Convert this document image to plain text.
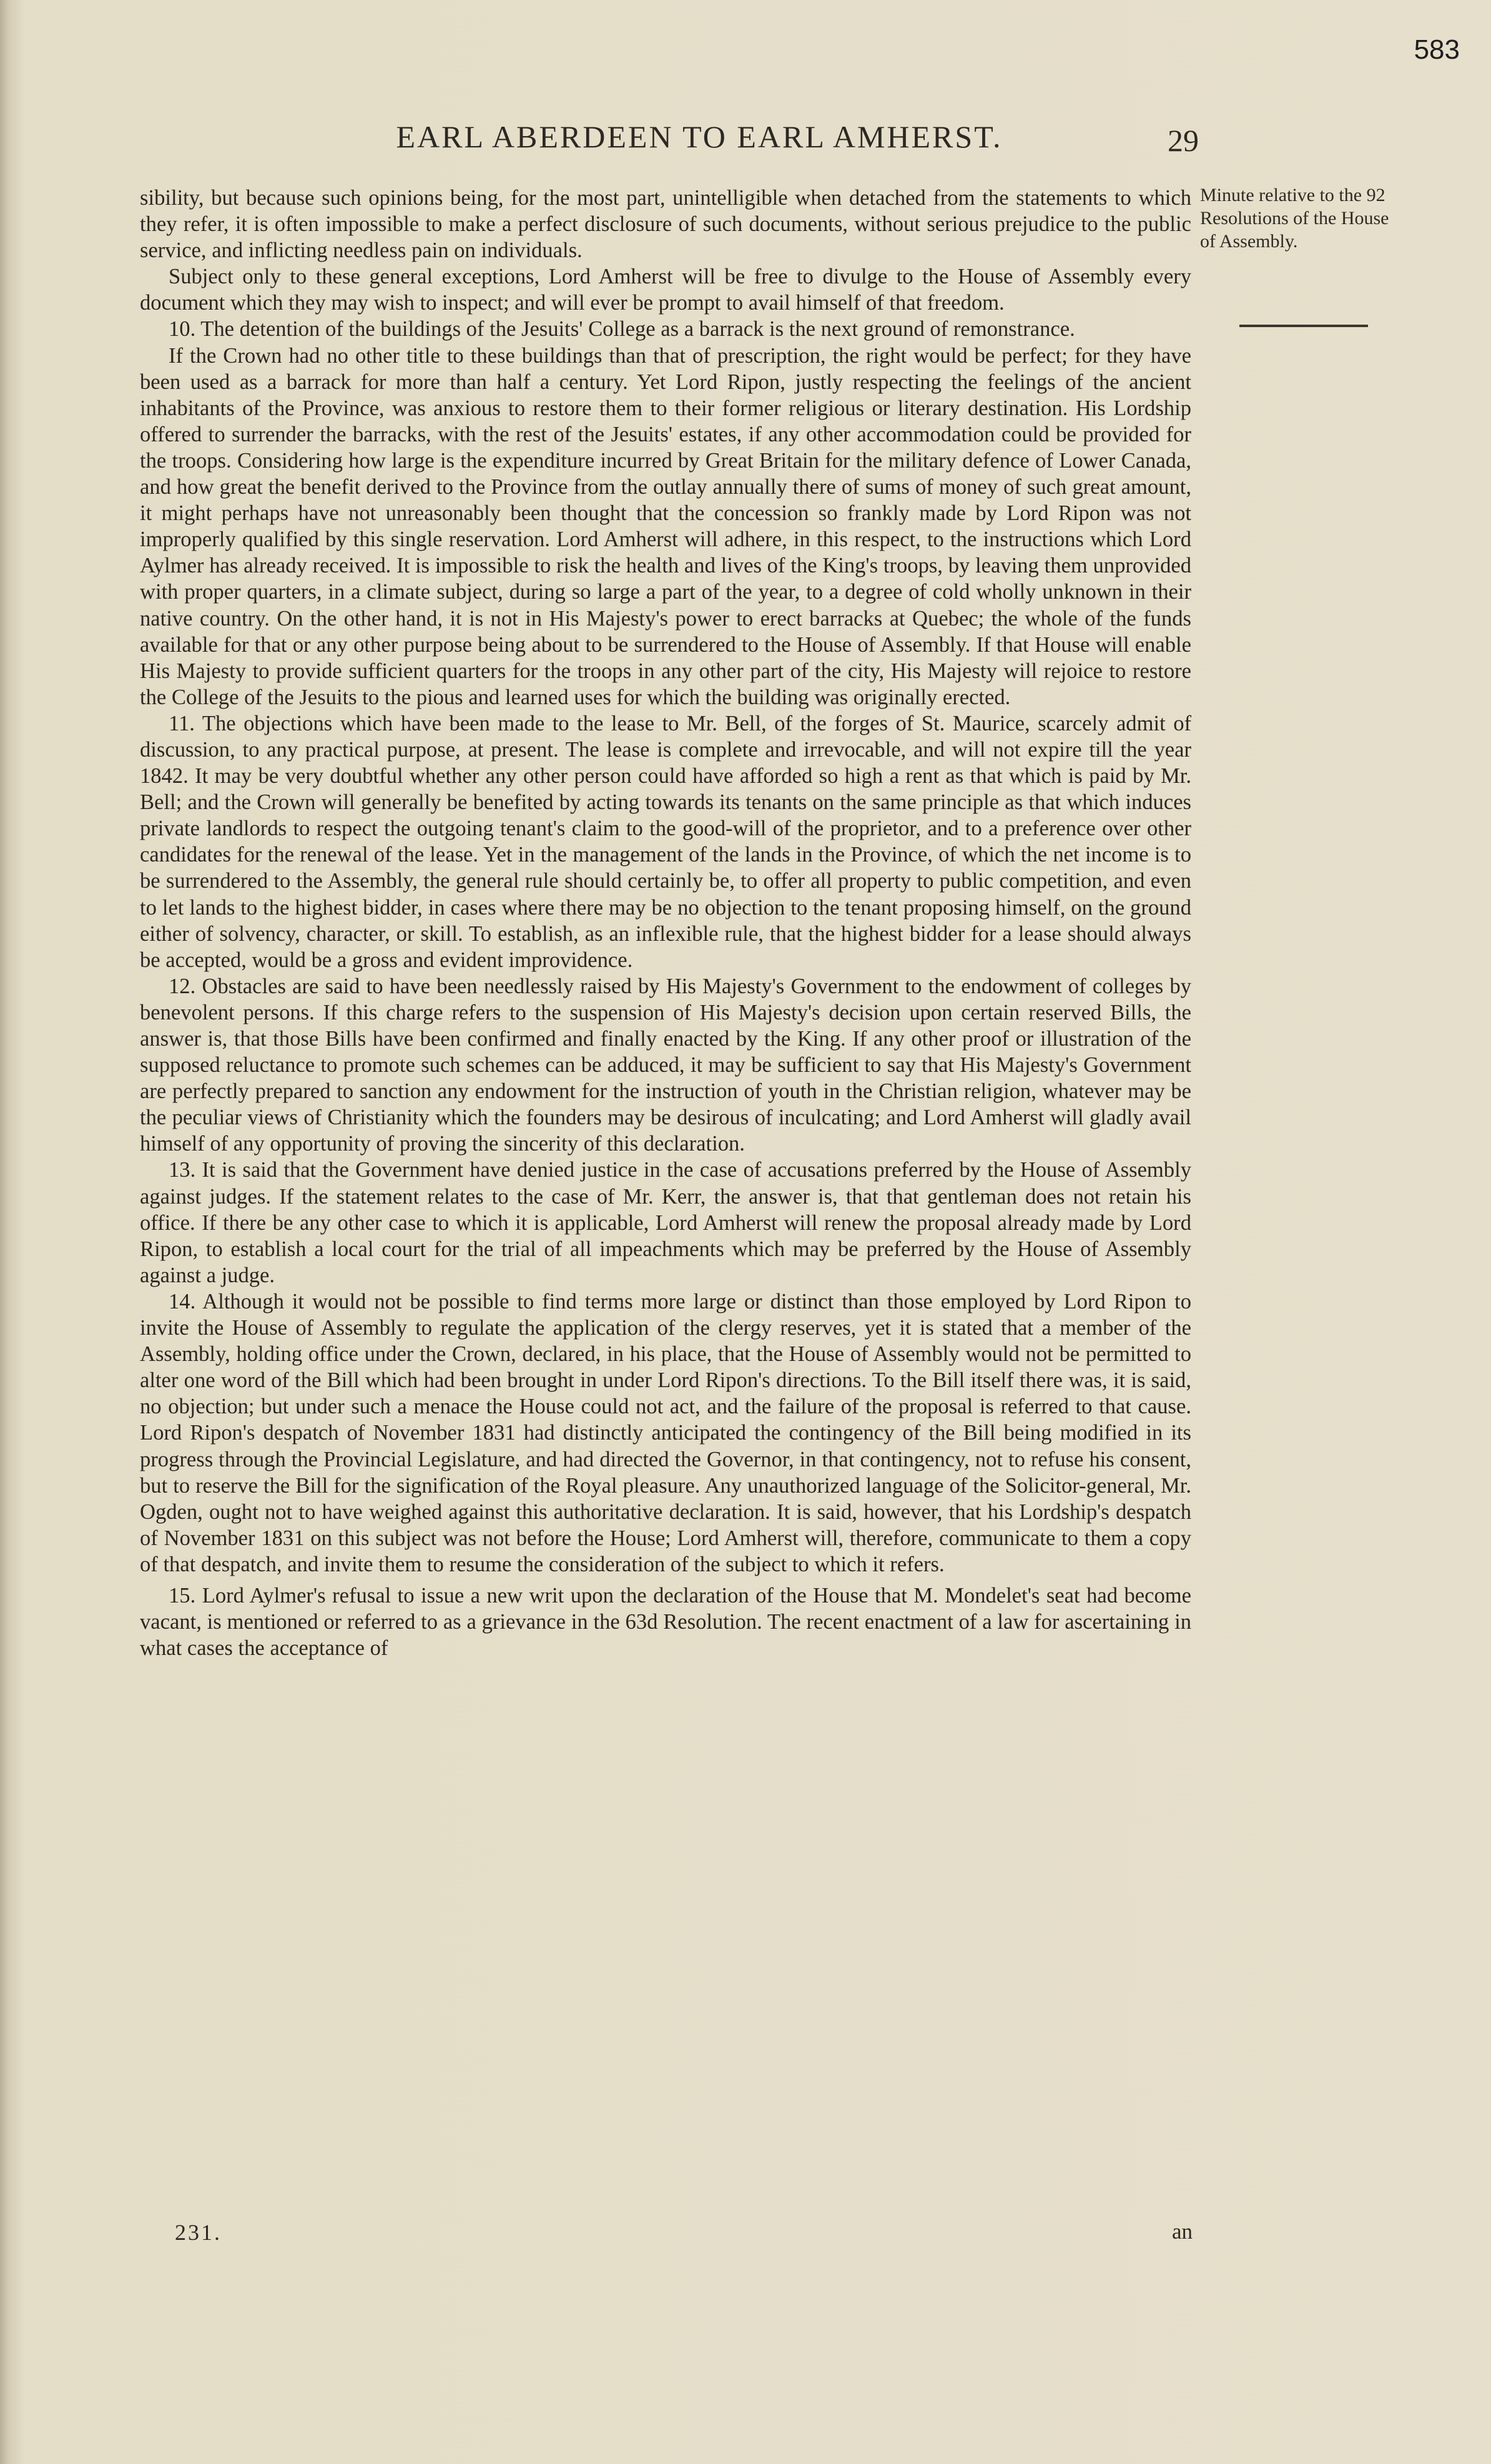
583
EARL ABERDEEN TO EARL AMHERST.	29
Minute relative to the 92 Resolutions of the House of Assembly.

sibility, but because such opinions being, for the most part, unintelligible when detached from the statements to which they refer, it is often impossible to make a perfect disclosure of such documents, without serious prejudice to the public service, and inflicting needless pain on individuals.

Subject only to these general exceptions, Lord Amherst will be free to divulge to the House of Assembly every document which they may wish to inspect; and will ever be prompt to avail himself of that freedom.

10. The detention of the buildings of the Jesuits' College as a barrack is the next ground of remonstrance.

If the Crown had no other title to these buildings than that of prescription, the right would be perfect; for they have been used as a barrack for more than half a century. Yet Lord Ripon, justly respecting the feelings of the ancient inhabitants of the Province, was anxious to restore them to their former religious or literary destination. His Lordship offered to surrender the barracks, with the rest of the Jesuits' estates, if any other accommodation could be provided for the troops. Considering how large is the expenditure incurred by Great Britain for the military defence of Lower Canada, and how great the benefit derived to the Province from the outlay annually there of sums of money of such great amount, it might perhaps have not unreasonably been thought that the concession so frankly made by Lord Ripon was not improperly qualified by this single reservation. Lord Amherst will adhere, in this respect, to the instructions which Lord Aylmer has already received. It is impossible to risk the health and lives of the King's troops, by leaving them unprovided with proper quarters, in a climate subject, during so large a part of the year, to a degree of cold wholly unknown in their native country. On the other hand, it is not in His Majesty's power to erect barracks at Quebec; the whole of the funds available for that or any other purpose being about to be surrendered to the House of Assembly. If that House will enable His Majesty to provide sufficient quarters for the troops in any other part of the city, His Majesty will rejoice to restore the College of the Jesuits to the pious and learned uses for which the building was originally erected.

11. The objections which have been made to the lease to Mr. Bell, of the forges of St. Maurice, scarcely admit of discussion, to any practical purpose, at present. The lease is complete and irrevocable, and will not expire till the year 1842. It may be very doubtful whether any other person could have afforded so high a rent as that which is paid by Mr. Bell; and the Crown will generally be benefited by acting towards its tenants on the same principle as that which induces private landlords to respect the outgoing tenant's claim to the good-will of the proprietor, and to a preference over other candidates for the renewal of the lease. Yet in the management of the lands in the Province, of which the net income is to be surrendered to the Assembly, the general rule should certainly be, to offer all property to public competition, and even to let lands to the highest bidder, in cases where there may be no objection to the tenant proposing himself, on the ground either of solvency, character, or skill. To establish, as an inflexible rule, that the highest bidder for a lease should always be accepted, would be a gross and evident improvidence.

12. Obstacles are said to have been needlessly raised by His Majesty's Government to the endowment of colleges by benevolent persons. If this charge refers to the suspension of His Majesty's decision upon certain reserved Bills, the answer is, that those Bills have been confirmed and finally enacted by the King. If any other proof or illustration of the supposed reluctance to promote such schemes can be adduced, it may be sufficient to say that His Majesty's Government are perfectly prepared to sanction any endowment for the instruction of youth in the Christian religion, whatever may be the peculiar views of Christianity which the founders may be desirous of inculcating; and Lord Amherst will gladly avail himself of any opportunity of proving the sincerity of this declaration.

13. It is said that the Government have denied justice in the case of accusations preferred by the House of Assembly against judges. If the statement relates to the case of Mr. Kerr, the answer is, that that gentleman does not retain his office. If there be any other case to which it is applicable, Lord Amherst will renew the proposal already made by Lord Ripon, to establish a local court for the trial of all impeachments which may be preferred by the House of Assembly against a judge.

14. Although it would not be possible to find terms more large or distinct than those employed by Lord Ripon to invite the House of Assembly to regulate the application of the clergy reserves, yet it is stated that a member of the Assembly, holding office under the Crown, declared, in his place, that the House of Assembly would not be permitted to alter one word of the Bill which had been brought in under Lord Ripon's directions. To the Bill itself there was, it is said, no objection; but under such a menace the House could not act, and the failure of the proposal is referred to that cause. Lord Ripon's despatch of November 1831 had distinctly anticipated the contingency of the Bill being modified in its progress through the Provincial Legislature, and had directed the Governor, in that contingency, not to refuse his consent, but to reserve the Bill for the signification of the Royal pleasure. Any unauthorized language of the Solicitor-general, Mr. Ogden, ought not to have weighed against this authoritative declaration. It is said, however, that his Lordship's despatch of November 1831 on this subject was not before the House; Lord Amherst will, therefore, communicate to them a copy of that despatch, and invite them to resume the consideration of the subject to which it refers.

15. Lord Aylmer's refusal to issue a new writ upon the declaration of the House that M. Mondelet's seat had become vacant, is mentioned or referred to as a grievance in the 63d Resolution. The recent enactment of a law for ascertaining in what cases the acceptance of

231.	an
